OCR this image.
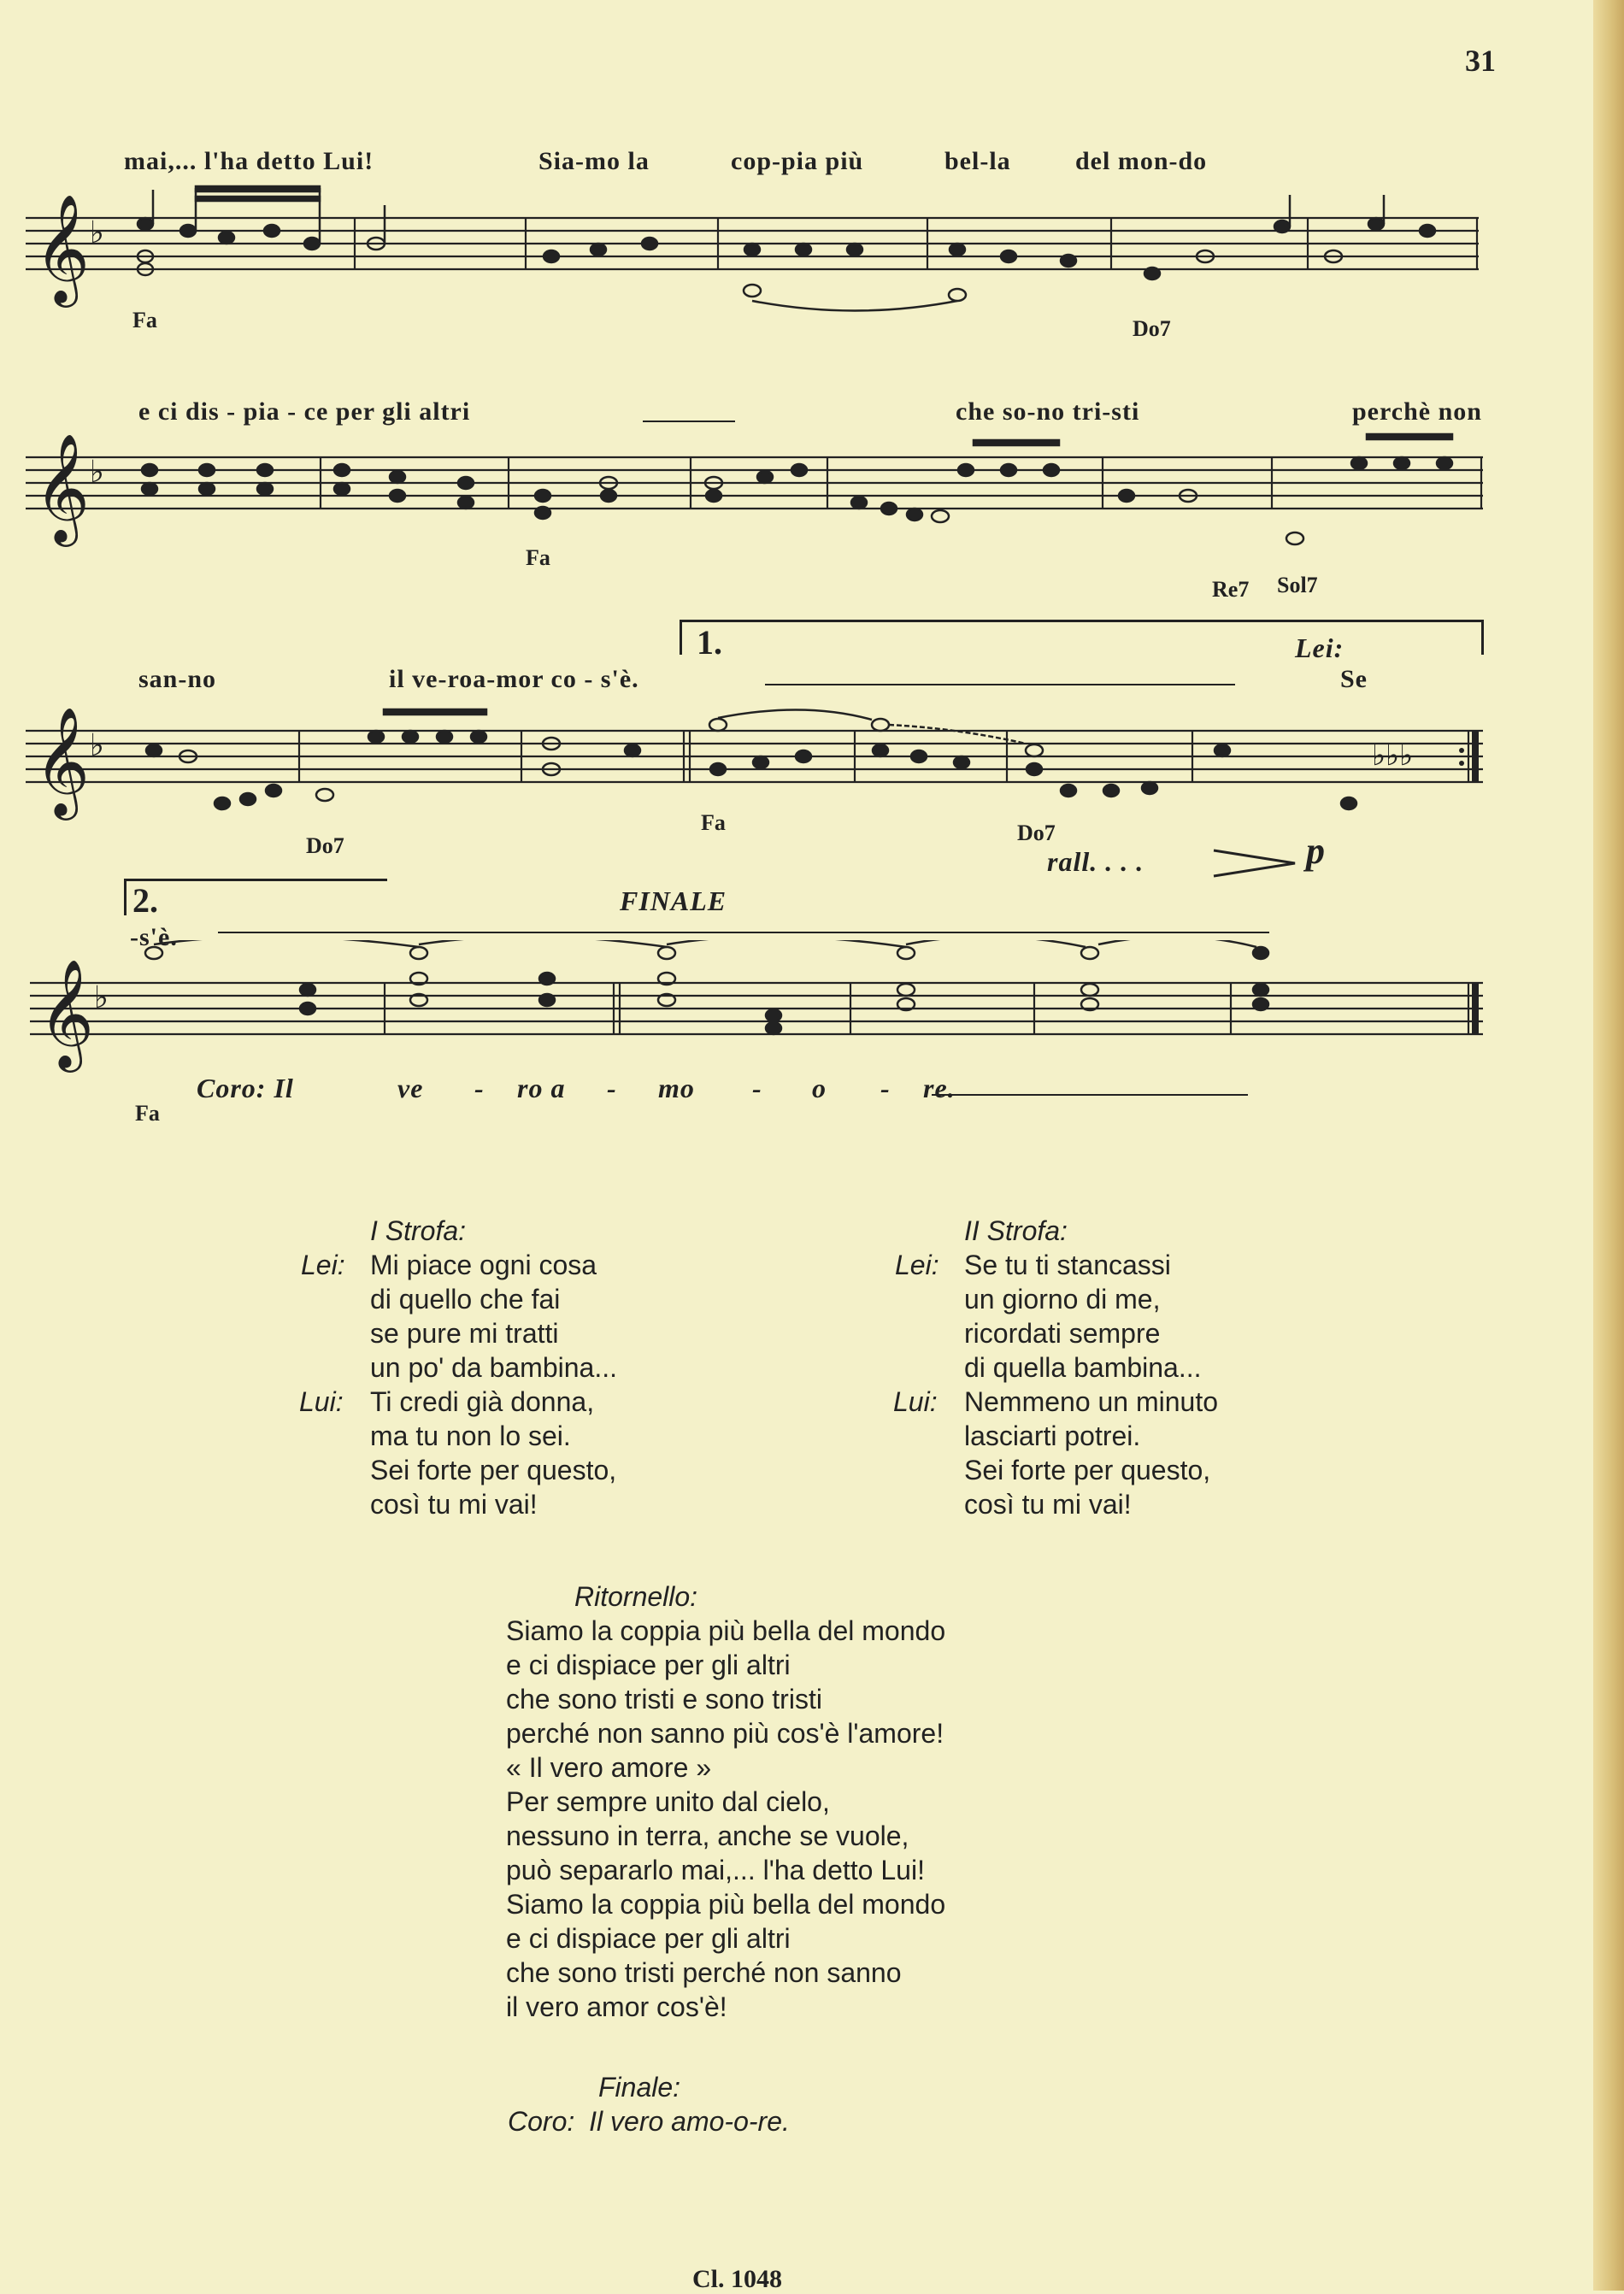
31
mai,... l'ha detto Lui!	Sia-mo la	cop-pia più	bel-la	del mon-do
𝄞 ♭
Fa	Do7
e ci dis - pia - ce per gli altri	che so-no tri-sti	perchè non
𝄞 ♭
Fa
Re7 Sol7
1.	Lei:
san-no	il ve-roa-mor co - s'è.	Se
𝄞 ♭	♭♭♭
Fa
Do7
Do7
rall. . . .	p
2.
-s'è.
FINALE
𝄞 ♭
Coro: Il	ve - ro a - mo - o - re.
Fa
I Strofa:
Lei: Mi piace ogni cosa
di quello che fai
se pure mi tratti
un po' da bambina...
Lui: Ti credi già donna,
ma tu non lo sei.
Sei forte per questo,
così tu mi vai!
II Strofa:
Lei: Se tu ti stancassi
un giorno di me,
ricordati sempre
di quella bambina...
Lui: Nemmeno un minuto
lasciarti potrei.
Sei forte per questo,
così tu mi vai!
Ritornello:
Siamo la coppia più bella del mondo
e ci dispiace per gli altri
che sono tristi e sono tristi
perché non sanno più cos'è l'amore!
« Il vero amore »
Per sempre unito dal cielo,
nessuno in terra, anche se vuole,
può separarlo mai,... l'ha detto Lui!
Siamo la coppia più bella del mondo
e ci dispiace per gli altri
che sono tristi perché non sanno
il vero amor cos'è!
Finale:
Coro: Il vero amo-o-re.
Cl. 1048
